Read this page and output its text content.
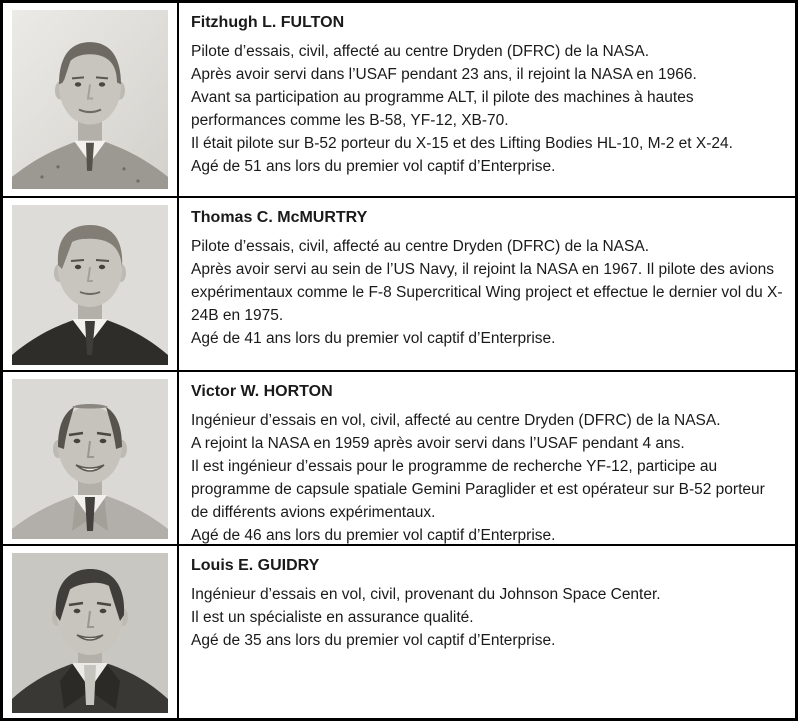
Fitzhugh L. FULTON

Pilote d’essais, civil, affecté au centre Dryden (DFRC) de la NASA.

Après avoir servi dans l’USAF pendant 23 ans, il rejoint la NASA en 1966.

Avant sa participation au programme ALT, il pilote des machines à hautes performances comme les B-58, YF-12, XB-70.

Il était pilote sur B-52 porteur du X-15 et des Lifting Bodies HL-10, M-2 et X-24.

Agé de 51 ans lors du premier vol captif d’Enterprise.

Thomas C. McMURTRY

Pilote d’essais, civil, affecté au centre Dryden (DFRC) de la NASA.

Après avoir servi au sein de l’US Navy, il rejoint la NASA en 1967. Il pilote des avions expérimentaux comme le F-8 Supercritical Wing project et effectue le dernier vol du X-24B en 1975.

Agé de 41 ans lors du premier vol captif d’Enterprise.

Victor W. HORTON

Ingénieur d’essais en vol, civil, affecté au centre Dryden (DFRC) de la NASA.

A rejoint la NASA en 1959 après avoir servi dans l’USAF pendant 4 ans.

Il est ingénieur d’essais pour le programme de recherche YF-12, participe au programme de capsule spatiale Gemini Paraglider et est opérateur sur B-52 porteur de différents avions expérimentaux.

Agé de 46 ans lors du premier vol captif d’Enterprise.

Louis E. GUIDRY

Ingénieur d’essais en vol, civil, provenant du Johnson Space Center.

Il est un spécialiste en assurance qualité.

Agé de 35 ans lors du premier vol captif d’Enterprise.
